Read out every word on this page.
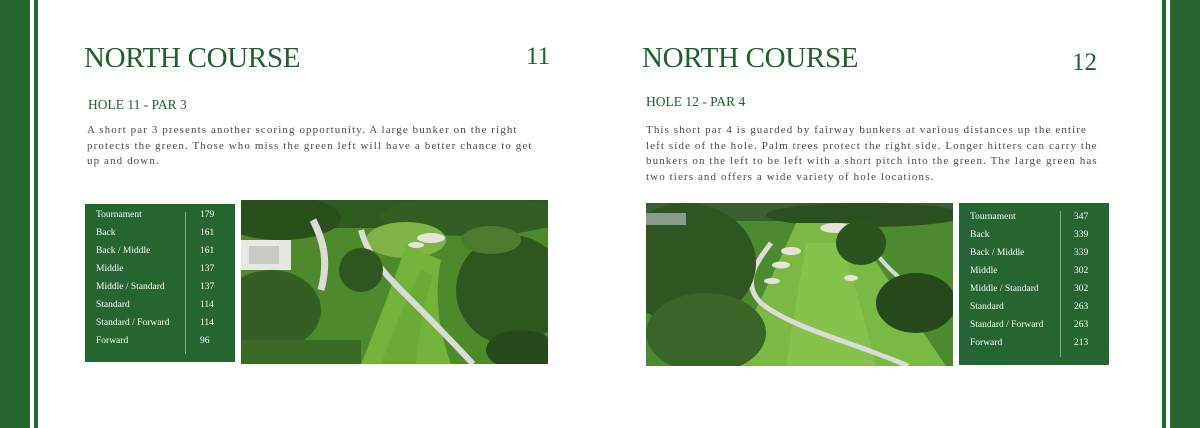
NORTH COURSE	11
HOLE 11 - PAR 3
A short par 3 presents another scoring opportunity. A large bunker on the right protects the green. Those who miss the green left will have a better chance to get up and down.
Tournament	179
Back	161
Back / Middle	161
Middle	137
Middle / Standard	137
Standard	114
Standard / Forward	114
Forward	96
NORTH COURSE	12
HOLE 12 - PAR 4
This short par 4 is guarded by fairway bunkers at various distances up the entire left side of the hole. Palm trees protect the right side. Longer hitters can carry the bunkers on the left to be left with a short pitch into the green. The large green has two tiers and offers a wide variety of hole locations.
Tournament	347
Back	339
Back / Middle	339
Middle	302
Middle / Standard	302
Standard	263
Standard / Forward	263
Forward	213
